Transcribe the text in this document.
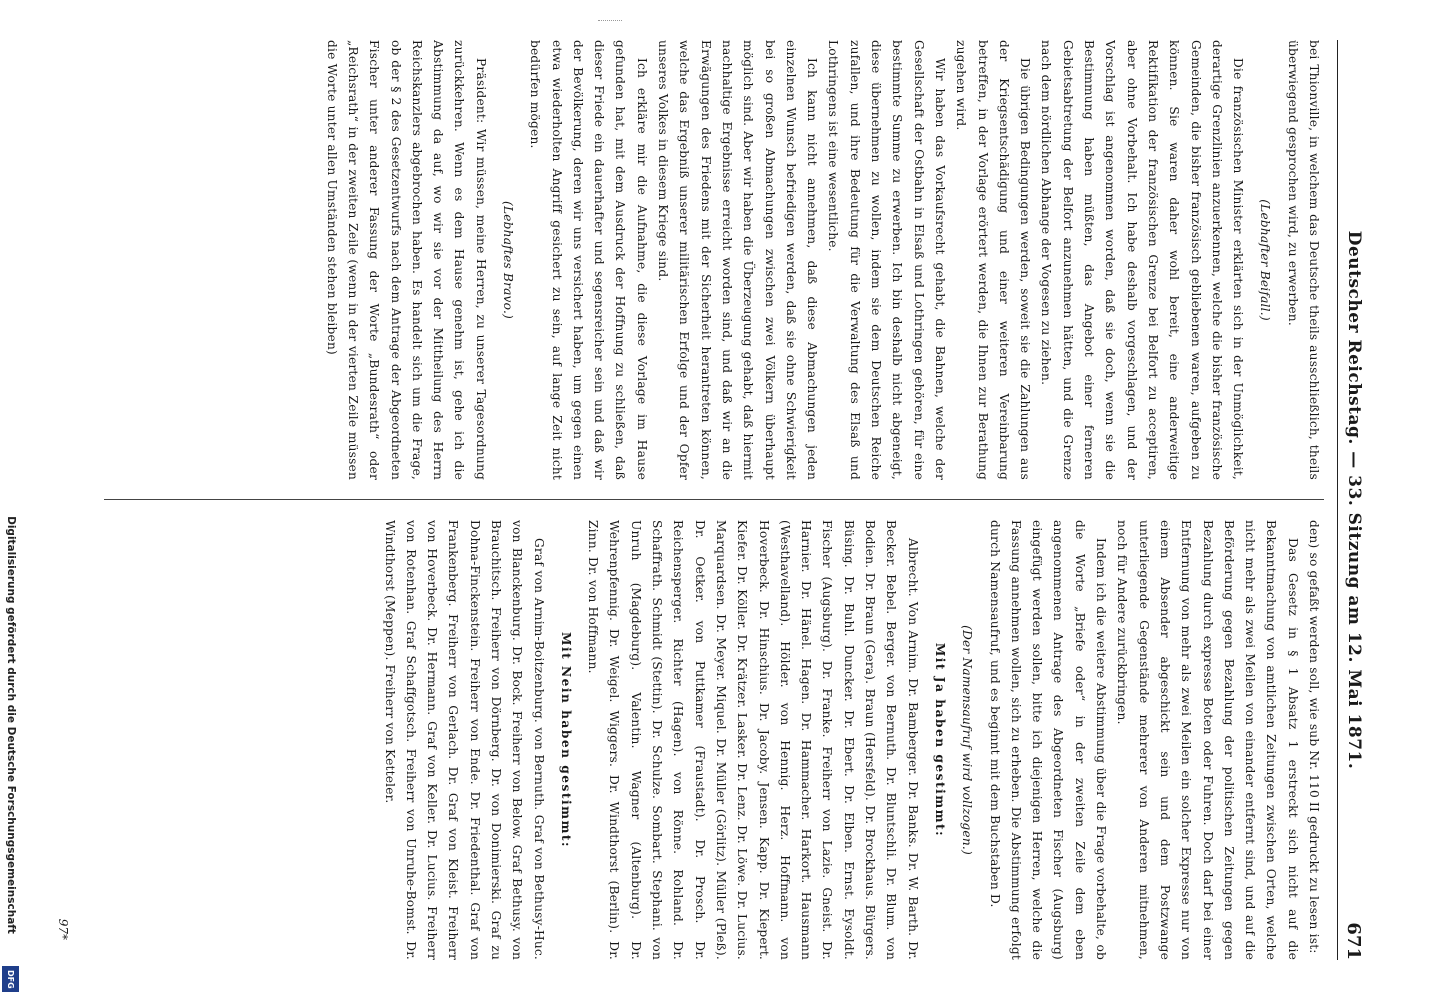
Deutscher Reichstag. — 33. Sitzung am 12. Mai 1871.
671

bei Thionville, in welchem das Deutsche theils ausschließlich, theils überwiegend gesprochen wird, zu erwerben.

(Lebhafter Beifall.)

Die französischen Minister erklärten sich in der Unmöglichkeit, derartige Grenzlinien anzuerkennen, welche die bisher französische Gemeinden, die bisher französisch gebliebenen waren, aufgeben zu können. Sie waren daher wohl bereit, eine anderweitige Rektifikation der französischen Grenze bei Belfort zu acceptiren, aber ohne Vorbehalt. Ich habe deshalb vorgeschlagen, und der Vorschlag ist angenommen worden, daß sie doch, wenn sie die Bestimmung haben müßten, das Angebot einer ferneren Gebietsabtretung der Belfort anzunehmen hätten, und die Grenze nach dem nördlichen Abhange der Vogesen zu ziehen.

Die übrigen Bedingungen werden, soweit sie die Zahlungen aus der Kriegsentschädigung und einer weiteren Vereinbarung betreffen, in der Vorlage erörtert werden, die Ihnen zur Berathung zugehen wird.

Wir haben das Vorkaufsrecht gehabt, die Bahnen, welche der Gesellschaft der Ostbahn in Elsaß und Lothringen gehören, für eine bestimmte Summe zu erwerben. Ich bin deshalb nicht abgeneigt, diese übernehmen zu wollen, indem sie dem Deutschen Reiche zufallen, und ihre Bedeutung für die Verwaltung des Elsaß und Lothringens ist eine wesentliche.

Ich kann nicht annehmen, daß diese Abmachungen jeden einzelnen Wunsch befriedigen werden, daß sie ohne Schwierigkeit bei so großen Abmachungen zwischen zwei Völkern überhaupt möglich sind. Aber wir haben die Überzeugung gehabt, daß hiermit nachhaltige Ergebnisse erreicht worden sind, und daß wir an die Erwägungen des Friedens mit der Sicherheit herantreten können, welche das Ergebniß unserer militärischen Erfolge und der Opfer unseres Volkes in diesem Kriege sind.

Ich erkläre mir die Aufnahme, die diese Vorlage im Hause gefunden hat, mit dem Ausdruck der Hoffnung zu schließen, daß dieser Friede ein dauerhafter und segensreicher sein und daß wir der Bevölkerung, deren wir uns versichert haben, um gegen einen etwa wiederholten Angriff gesichert zu sein, auf lange Zeit nicht bedürfen mögen.

(Lebhaftes Bravo.)

Präsident: Wir müssen, meine Herren, zu unserer Tagesordnung zurückkehren. Wenn es dem Hause genehm ist, gehe ich die Abstimmung da auf, wo wir sie vor der Mittheilung des Herrn Reichskanzlers abgebrochen haben. Es handelt sich um die Frage, ob der § 2 des Gesetzentwurfs nach dem Antrage der Abgeordneten Fischer unter anderer Fassung der Worte „Bundesrath“ oder „Reichsrath“ in der zweiten Zeile (wenn in der vierten Zeile müssen die Worte unter allen Umständen stehen bleiben)

den) so gefaßt werden soll, wie sub Nr. 110 II gedruckt zu lesen ist:

Das Gesetz in § 1 Absatz 1 erstreckt sich nicht auf die Bekanntmachung von amtlichen Zeitungen zwischen Orten, welche nicht mehr als zwei Meilen von einander entfernt sind, und auf die Beförderung gegen Bezahlung der politischen Zeitungen gegen Bezahlung durch expresse Boten oder Fuhren. Doch darf bei einer Entfernung von mehr als zwei Meilen ein solcher Expresse nur von einem Absender abgeschickt sein und dem Postzwange unterliegende Gegenstände mehrerer von Anderen mitnehmen, noch für Andere zurückbringen.

Indem ich die weitere Abstimmung über die Frage vorbehalte, ob die Worte „Briefe oder“ in der zweiten Zeile dem eben angenommenen Antrage des Abgeordneten Fischer (Augsburg) eingefügt werden sollen, bitte ich diejenigen Herren, welche die Fassung annehmen wollen, sich zu erheben. Die Abstimmung erfolgt durch Namensaufruf, und es beginnt mit dem Buchstaben D.

(Der Namensaufruf wird vollzogen.)

Mit Ja haben gestimmt:

Albrecht. Von Arnim. Dr. Bamberger. Dr. Banks. Dr. W. Barth. Dr. Becker. Bebel. Berger. von Bernuth. Dr. Bluntschli. Dr. Blum. von Bodien. Dr. Braun (Gera). Braun (Hersfeld). Dr. Brockhaus. Bürgers. Büsing. Dr. Buhl. Duncker. Dr. Ebert. Dr. Elben. Ernst. Eysoldt. Fischer (Augsburg). Dr. Franke. Freiherr von Lazie. Gneist. Dr. Harnier. Dr. Hänel. Hagen. Dr. Hammacher. Harkort. Hausmann (Westhavelland). Hölder. von Hennig. Herz. Hoffmann. von Hoverbeck. Dr. Hinschius. Dr. Jacoby. Jensen. Kapp. Dr. Kiepert. Kiefer. Dr. Köller. Dr. Krätzer. Lasker. Dr. Lenz. Dr. Löwe. Dr. Lucius. Marquardsen. Dr. Meyer. Miquel. Dr. Müller (Görlitz). Müller (Pleß). Dr. Oetker. von Puttkamer (Fraustadt). Dr. Prosch. Dr. Reichensperger. Richter (Hagen). von Rönne. Rohland. Dr. Schaffrath. Schmidt (Stettin). Dr. Schulze. Sombart. Stephani. von Unruh (Magdeburg). Valentin. Wagner (Altenburg). Dr. Wehrenpfennig. Dr. Weigel. Wiggers. Dr. Windthorst (Berlin). Dr. Zinn. Dr. von Hoffmann.

Mit Nein haben gestimmt:

Graf von Arnim-Boitzenburg. von Bernuth. Graf von Bethusy-Huc. von Blanckenburg. Dr. Bock. Freiherr von Below. Graf Bethusy. von Brauchitsch. Freiherr von Dörnberg. Dr. von Donimierski. Graf zu Dohna-Finckenstein. Freiherr von Ende. Dr. Friedenthal. Graf von Frankenberg. Freiherr von Gerlach. Dr. Graf von Kleist. Freiherr von Hoverbeck. Dr. Hermann. Graf von Keller. Dr. Lucius. Freiherr von Rotenhan. Graf Schaffgotsch. Freiherr von Unruhe-Bomst. Dr. Windthorst (Meppen). Freiherr von Ketteler.

97*
Digitalisierung gefördert durch die Deutsche Forschungsgemeinschaft
DFG
